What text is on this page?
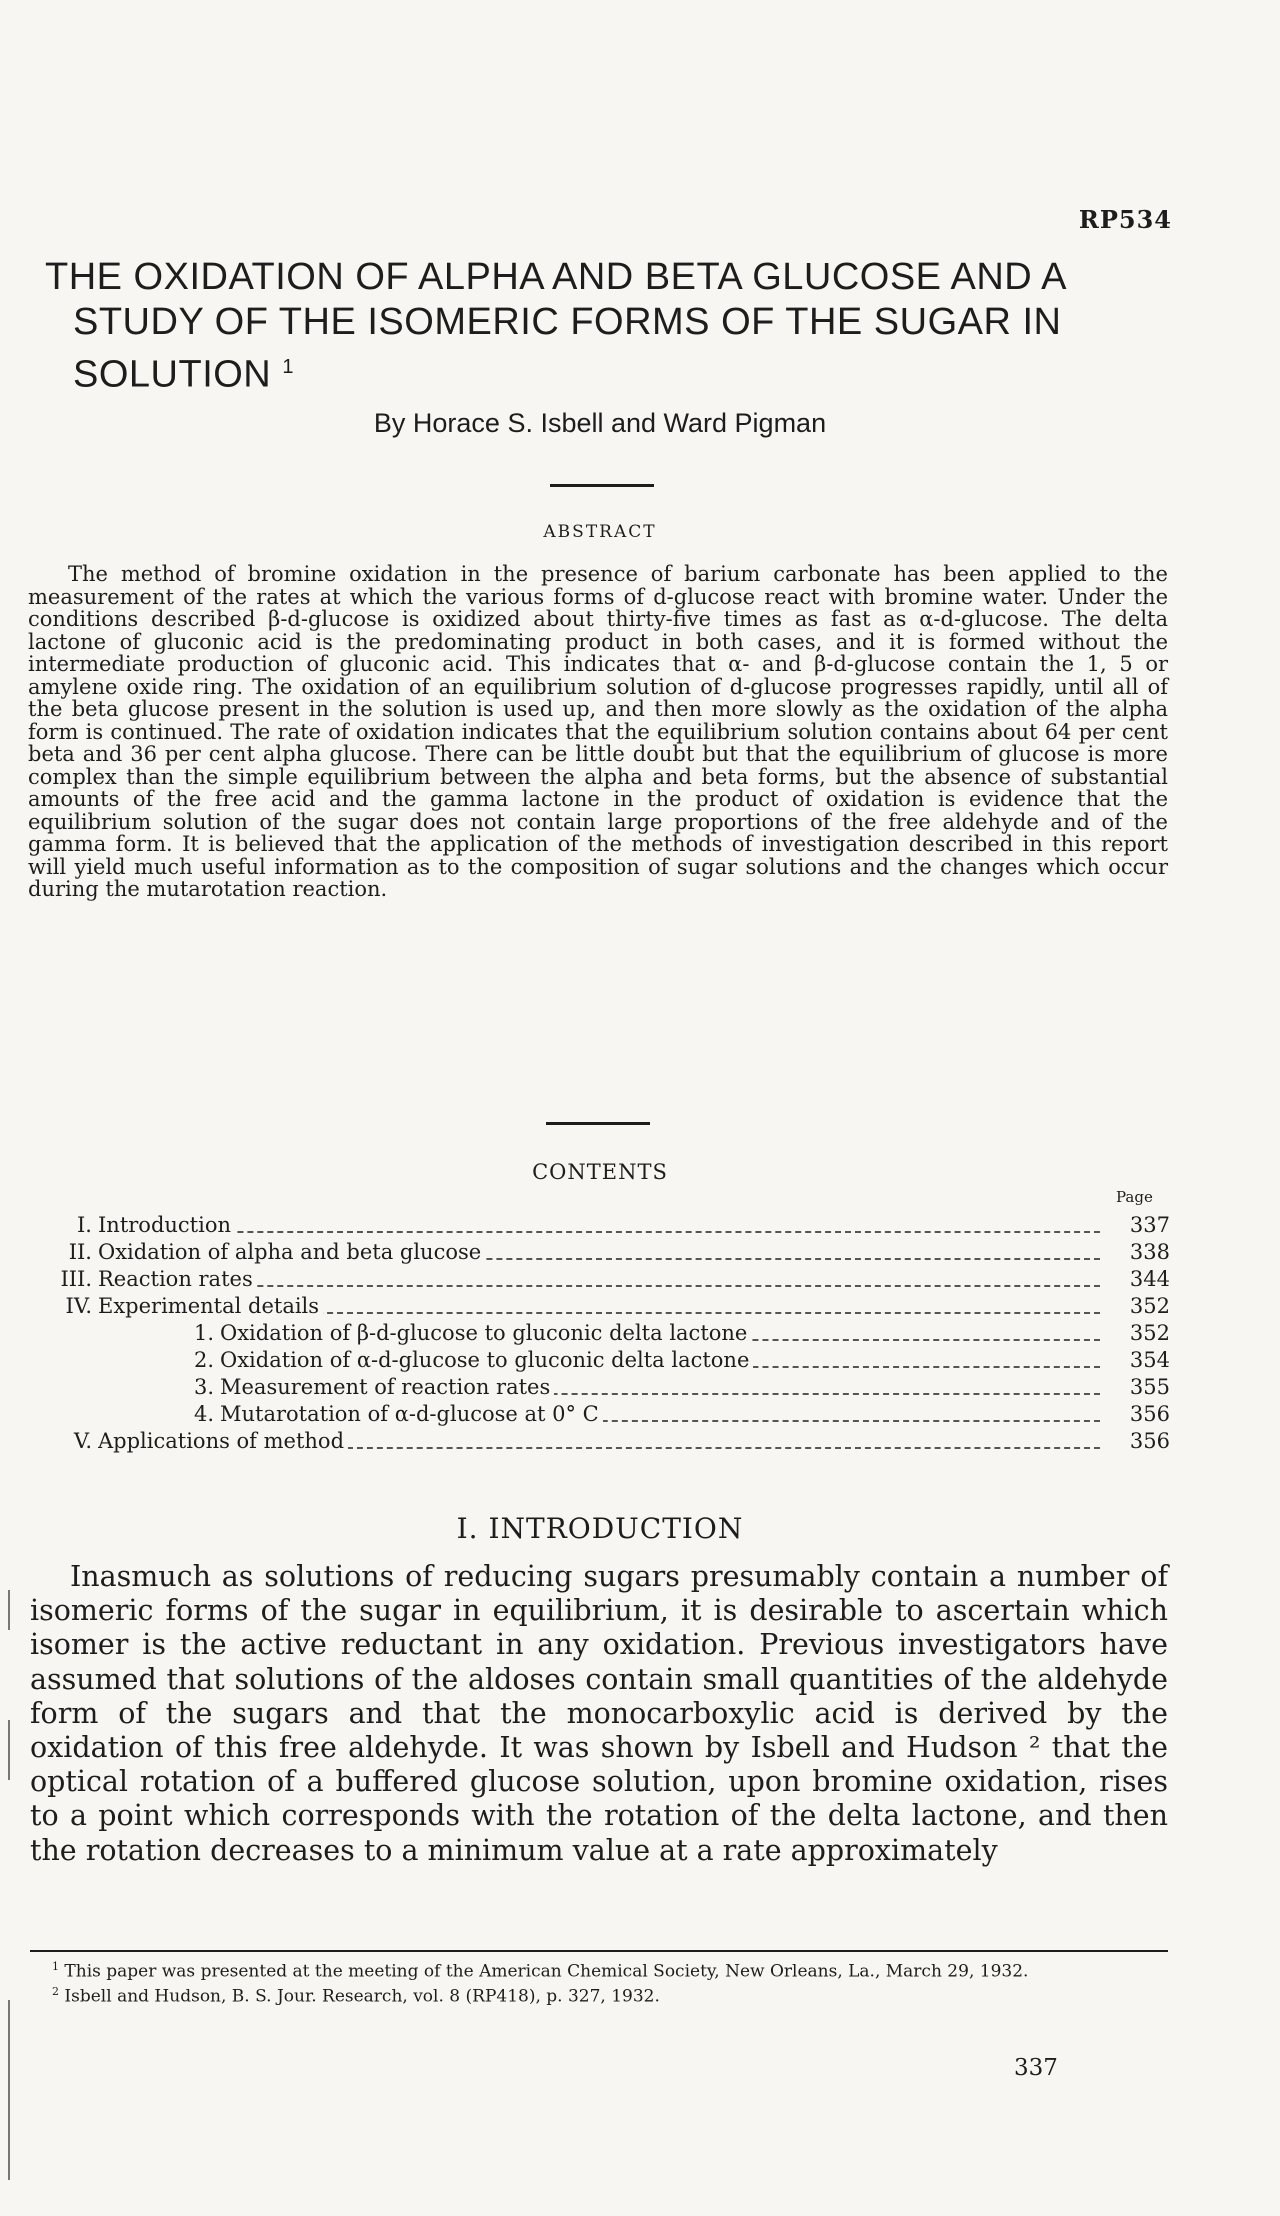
RP534
THE OXIDATION OF ALPHA AND BETA GLUCOSE AND A
STUDY OF THE ISOMERIC FORMS OF THE SUGAR IN
SOLUTION $^1$
By Horace S. Isbell and Ward Pigman
ABSTRACT

The method of bromine oxidation in the presence of barium carbonate has been applied to the measurement of the rates at which the various forms of d-glucose react with bromine water. Under the conditions described β-d-glucose is oxidized about thirty-five times as fast as α-d-glucose. The delta lactone of gluconic acid is the predominating product in both cases, and it is formed without the intermediate production of gluconic acid. This indicates that α- and β-d-glucose contain the 1, 5 or amylene oxide ring. The oxidation of an equilibrium solution of d-glucose progresses rapidly, until all of the beta glucose present in the solution is used up, and then more slowly as the oxidation of the alpha form is continued. The rate of oxidation indicates that the equilibrium solution contains about 64 per cent beta and 36 per cent alpha glucose. There can be little doubt but that the equilibrium of glucose is more complex than the simple equilibrium between the alpha and beta forms, but the absence of substantial amounts of the free acid and the gamma lactone in the product of oxidation is evidence that the equilibrium solution of the sugar does not contain large proportions of the free aldehyde and of the gamma form. It is believed that the application of the methods of investigation described in this report will yield much useful information as to the composition of sugar solutions and the changes which occur during the mutarotation reaction.

CONTENTS
Page
I. Introduction	337
II. Oxidation of alpha and beta glucose	338
III. Reaction rates	344
IV. Experimental details	352
1. Oxidation of β-d-glucose to gluconic delta lactone	352
2. Oxidation of α-d-glucose to gluconic delta lactone	354
3. Measurement of reaction rates	355
4. Mutarotation of α-d-glucose at 0° C	356
V. Applications of method	356
I. INTRODUCTION

Inasmuch as solutions of reducing sugars presumably contain a number of isomeric forms of the sugar in equilibrium, it is desirable to ascertain which isomer is the active reductant in any oxidation. Previous investigators have assumed that solutions of the aldoses contain small quantities of the aldehyde form of the sugars and that the monocarboxylic acid is derived by the oxidation of this free aldehyde. It was shown by Isbell and Hudson ² that the optical rotation of a buffered glucose solution, upon bromine oxidation, rises to a point which corresponds with the rotation of the delta lactone, and then the rotation decreases to a minimum value at a rate approximately

$^1$ This paper was presented at the meeting of the American Chemical Society, New Orleans, La., March 29, 1932.

$^2$ Isbell and Hudson, B. S. Jour. Research, vol. 8 (RP418), p. 327, 1932.

337
